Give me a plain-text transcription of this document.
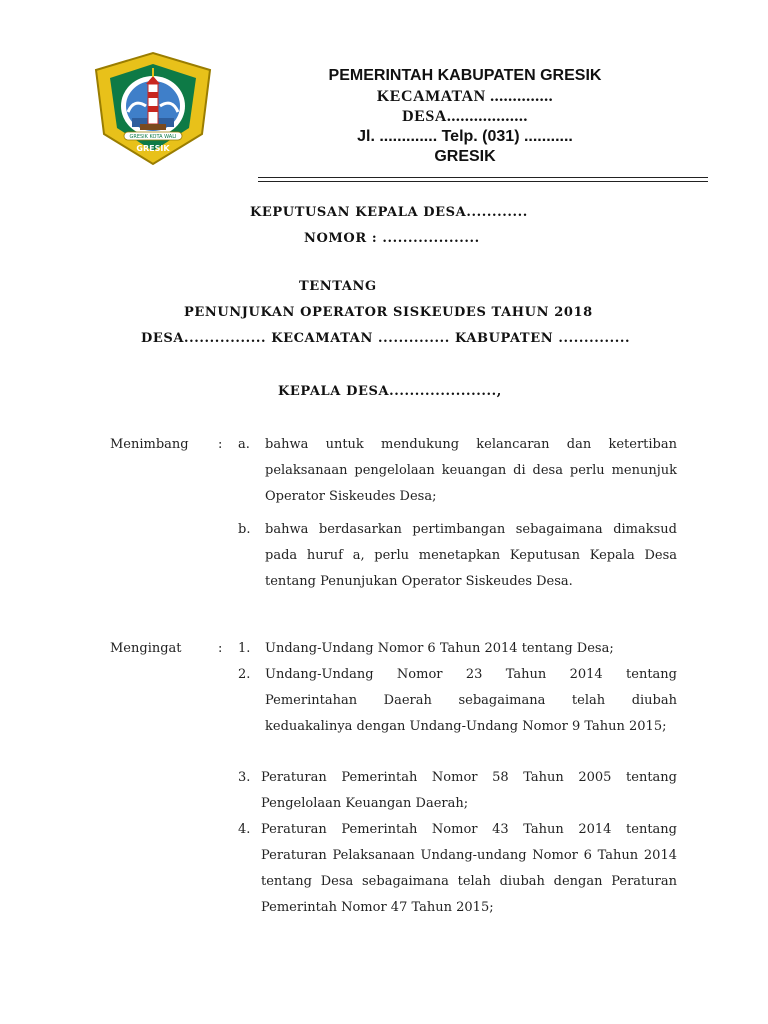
GRESIK KOTA WALI
GRESIK

PEMERINTAH KABUPATEN GRESIK

KECAMATAN ..............

DESA..................

Jl. ............. Telp. (031) ...........

GRESIK

KEPUTUSAN KEPALA DESA............
NOMOR : ...................
TENTANG
PENUNJUKAN OPERATOR SISKEUDES TAHUN 2018
DESA................ KECAMATAN .............. KABUPATEN ..............
KEPALA DESA.....................,
Menimbang : a. bahwa untuk mendukung kelancaran dan ketertiban pelaksanaan pengelolaan keuangan di desa perlu menunjuk Operator Siskeudes Desa;
b. bahwa berdasarkan pertimbangan sebagaimana dimaksud pada huruf a, perlu menetapkan Keputusan Kepala Desa tentang Penunjukan Operator Siskeudes Desa.
Mengingat	: 1. Undang-Undang Nomor 6 Tahun 2014 tentang Desa;
2. Undang-Undang Nomor 23 Tahun 2014 tentang Pemerintahan Daerah sebagaimana telah diubah keduakalinya dengan Undang-Undang Nomor 9 Tahun 2015;
3. Peraturan Pemerintah Nomor 58 Tahun 2005 tentang Pengelolaan Keuangan Daerah;
4. Peraturan Pemerintah Nomor 43 Tahun 2014 tentang Peraturan Pelaksanaan Undang-undang Nomor 6 Tahun 2014 tentang Desa sebagaimana telah diubah dengan Peraturan Pemerintah Nomor 47 Tahun 2015;
